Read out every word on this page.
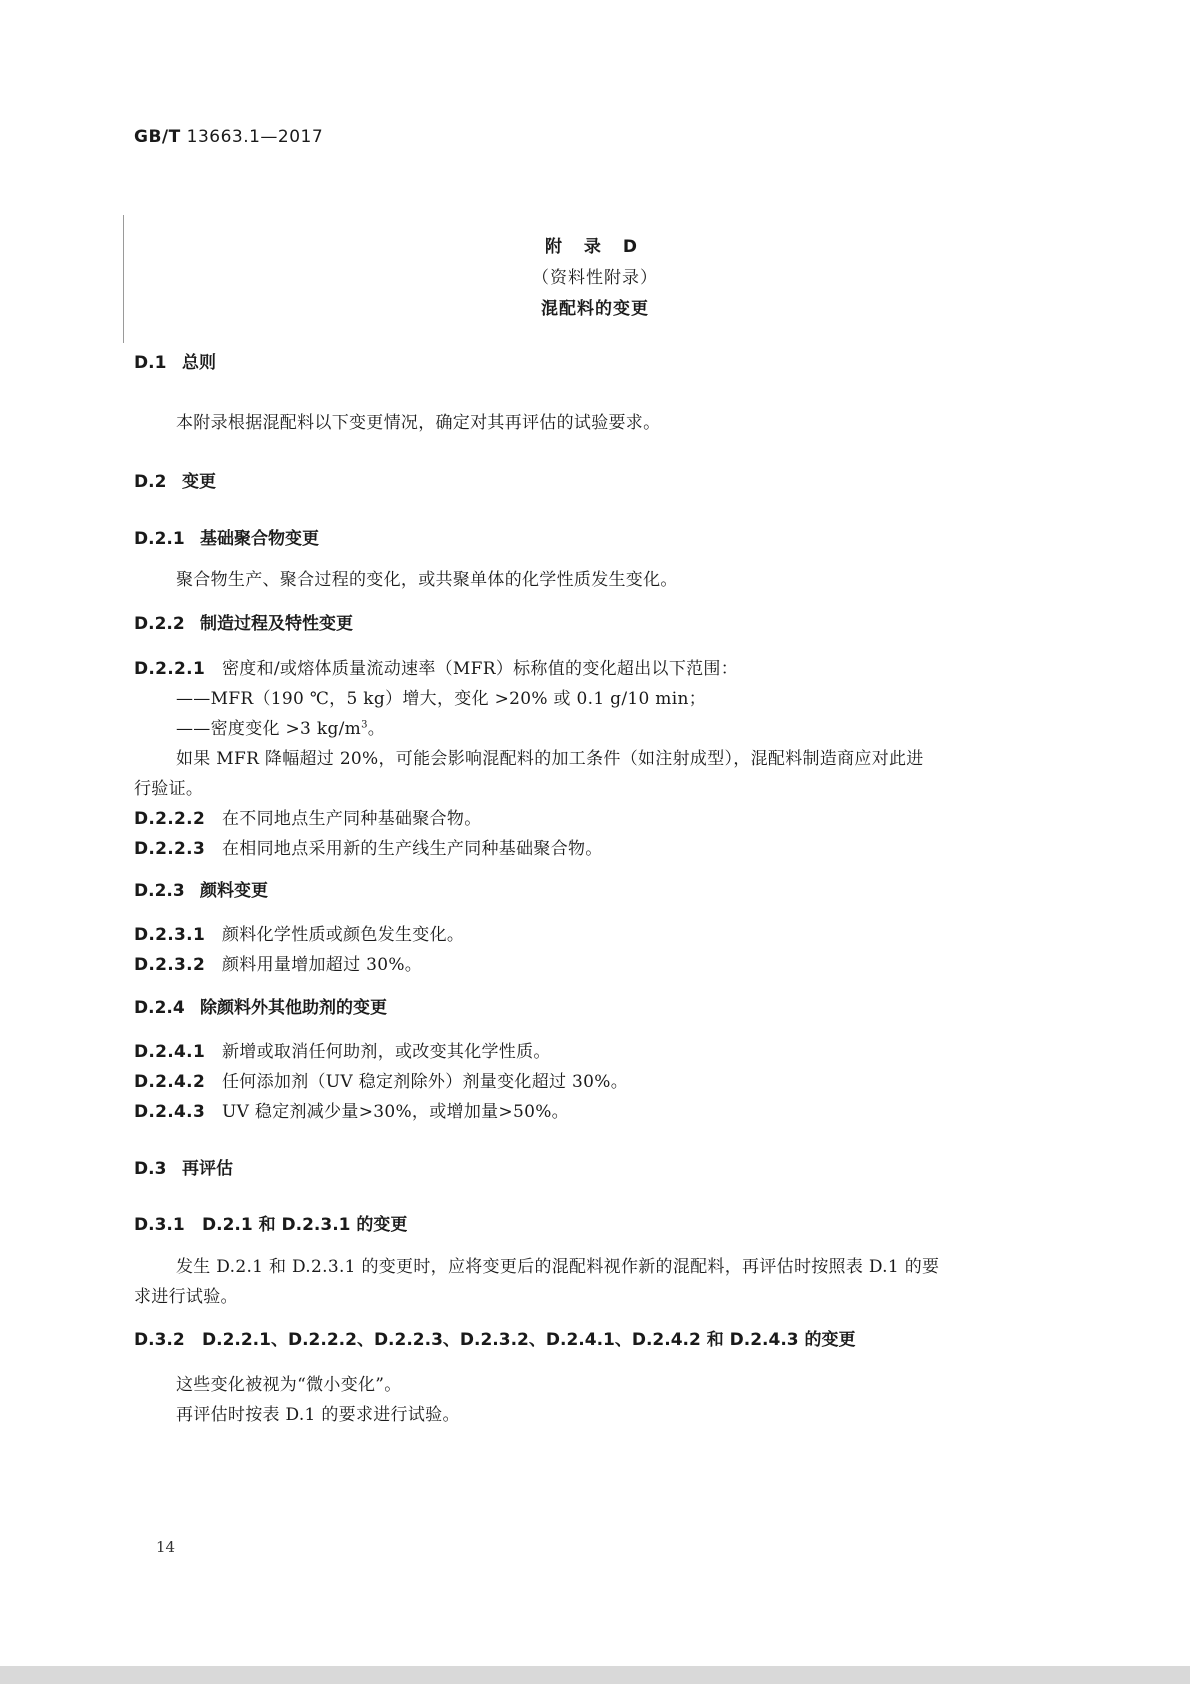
GB/T 13663.1—2017
附 录 D
（资料性附录）
混配料的变更
D.1 总则
本附录根据混配料以下变更情况，确定对其再评估的试验要求。
D.2 变更
D.2.1 基础聚合物变更
聚合物生产、聚合过程的变化，或共聚单体的化学性质发生变化。
D.2.2 制造过程及特性变更
D.2.2.1 密度和/或熔体质量流动速率（MFR）标称值的变化超出以下范围：
——MFR（190 ℃，5 kg）增大，变化 >20% 或 0.1 g/10 min；
——密度变化 >3 $kg/m^3$。
如果 MFR 降幅超过 20%，可能会影响混配料的加工条件（如注射成型），混配料制造商应对此进
行验证。
D.2.2.2 在不同地点生产同种基础聚合物。
D.2.2.3 在相同地点采用新的生产线生产同种基础聚合物。
D.2.3 颜料变更
D.2.3.1 颜料化学性质或颜色发生变化。
D.2.3.2 颜料用量增加超过 30%。
D.2.4 除颜料外其他助剂的变更
D.2.4.1 新增或取消任何助剂，或改变其化学性质。
D.2.4.2 任何添加剂（UV 稳定剂除外）剂量变化超过 30%。
D.2.4.3 UV 稳定剂减少量>30%，或增加量>50%。
D.3 再评估
D.3.1 D.2.1 和 D.2.3.1 的变更
发生 D.2.1 和 D.2.3.1 的变更时，应将变更后的混配料视作新的混配料，再评估时按照表 D.1 的要
求进行试验。
D.3.2 D.2.2.1、D.2.2.2、D.2.2.3、D.2.3.2、D.2.4.1、D.2.4.2 和 D.2.4.3 的变更
这些变化被视为“微小变化”。
再评估时按表 D.1 的要求进行试验。
14
